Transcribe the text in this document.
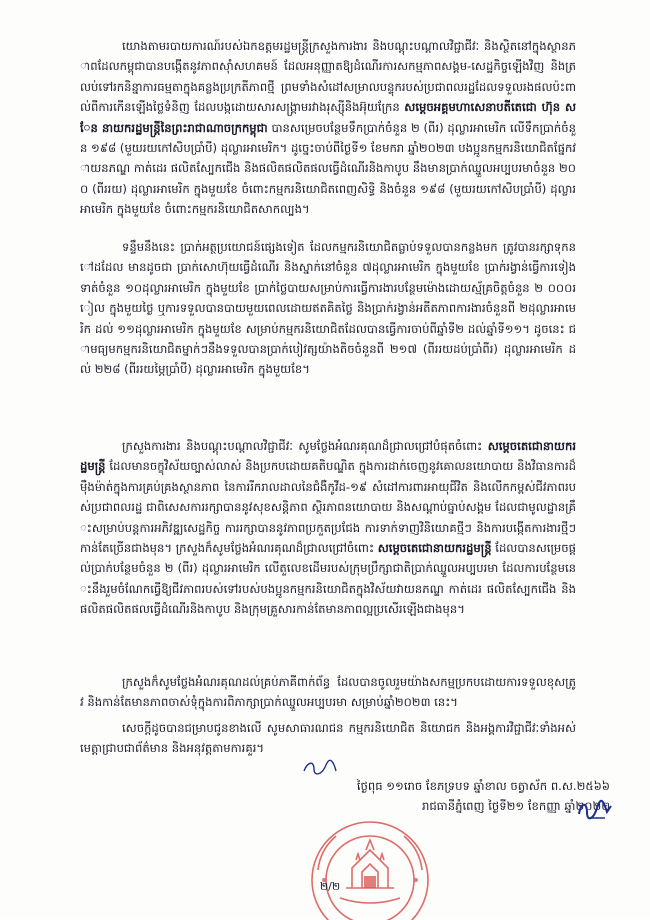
យោងតាមរបាយការណ៍របស់ឯកឧត្តមរដ្ឋមន្ត្រីក្រសួងការងារ និងបណ្តុះបណ្តាលវិជ្ជាជីវៈ និងស្ថិតនៅក្នុងស្ថានភាពដែលកម្ពុជាបានបង្កើតនូវភាពស៊ាំសហគមន៍ ដែលអនុញ្ញាតឱ្យដំណើរការសកម្មភាពសង្គម-សេដ្ឋកិច្ចឡើងវិញ និងត្រលប់ទៅរកនិន្នាការធម្មតាក្នុងគន្លងប្រក្រតីភាពថ្មី ព្រមទាំងសំដៅសម្រាលបន្ទុករបស់ប្រជាពលរដ្ឋដែលទទួលរងផលប៉ះពាល់ពីការកើនឡើងថ្លៃទំនិញ ដែលបង្កដោយសារសង្គ្រាមរវាងរុស្ស៊ីនិងអ៊ុយក្រែន សម្តេចអគ្គមហាសេនាបតីតេជោ ហ៊ុន សែន នាយករដ្ឋមន្ត្រីនៃព្រះរាជាណាចក្រកម្ពុជា បានសម្រេចបន្ថែមទឹកប្រាក់ចំនួន ២ (ពីរ) ដុល្លារអាមេរិក លើទឹកប្រាក់ចំនួន ១៩៨ (មួយរយកៅសិបប្រាំបី) ដុល្លារអាមេរិក។ ដូច្នេះចាប់ពីថ្ងៃទី១ ខែមករា ឆ្នាំ២០២៣ បងប្អូនកម្មករនិយោជិតផ្នែកវាយនភណ្ឌ កាត់ដេរ ផលិតស្បែកជើង និងផលិតផលិតផលធ្វើដំណើរនិងកាបូប នឹងមានប្រាក់ឈ្នួលអប្បបរមាចំនួន ២០០ (ពីររយ) ដុល្លារអាមេរិក ក្នុងមួយខែ ចំពោះកម្មករនិយោជិតពេញសិទ្ធិ និងចំនួន ១៩៨ (មួយរយកៅសិបប្រាំបី) ដុល្លារអាមេរិក ក្នុងមួយខែ ចំពោះកម្មករនិយោជិតសាកល្បង។

ទន្ទឹមនឹងនេះ ប្រាក់អត្ថប្រយោជន៍ផ្សេងទៀត ដែលកម្មករនិយោជិតធ្លាប់ទទួលបានកន្លងមក ត្រូវបានរក្សាទុកនៅដដែល មានដូចជា ប្រាក់សោហ៊ុយធ្វើដំណើរ និងស្នាក់នៅចំនួន ៧ដុល្លារអាមេរិក ក្នុងមួយខែ ប្រាក់រង្វាន់ធ្វើការទៀងទាត់ចំនួន ១០ដុល្លារអាមេរិក ក្នុងមួយខែ ប្រាក់ថ្លៃបាយសម្រាប់ការធ្វើការងារបន្ថែមម៉ោងដោយស្ម័គ្រចិត្តចំនួន ២ ០០០រៀល ក្នុងមួយថ្ងៃ ឬការទទួលបានបាយមួយពេលដោយឥតគិតថ្លៃ និងប្រាក់រង្វាន់អតីតភាពការងារចំនួនពី ២ដុល្លារអាមេរិក ដល់ ១១ដុល្លារអាមេរិក ក្នុងមួយខែ សម្រាប់កម្មករនិយោជិតដែលបានធ្វើការចាប់ពីឆ្នាំទី២ ដល់ឆ្នាំទី១១។ ដូចនេះ ជាមធ្យមកម្មករនិយោជិតម្នាក់ៗនឹងទទួលបានប្រាក់បៀវត្សយ៉ាងតិចចំនួនពី ២១៧ (ពីររយដប់ប្រាំពីរ) ដុល្លារអាមេរិក ដល់ ២២៨ (ពីររយម្ភៃប្រាំបី) ដុល្លារអាមេរិក ក្នុងមួយខែ។

ក្រសួងការងារ និងបណ្តុះបណ្តាលវិជ្ជាជីវៈ សូមថ្លែងអំណរគុណដ៏ជ្រាលជ្រៅបំផុតចំពោះ សម្តេចតេជោនាយករដ្ឋមន្ត្រី ដែលមានចក្ខុវិស័យច្បាស់លាស់ និងប្រកបដោយគតិបណ្ឌិត ក្នុងការដាក់ចេញនូវគោលនយោបាយ និងវិធានការដ៏ម៉ឺងម៉ាត់ក្នុងការគ្រប់គ្រងស្ថានភាព នៃការរីករាលដាលនៃជំងឺកូវីដ-១៩ សំដៅការពារអាយុជីវិត និងលើកកម្ពស់ជីវភាពរបស់ប្រជាពលរដ្ឋ ជាពិសេសការរក្សាបាននូវសុខសន្តិភាព ស្ថិរភាពនយោបាយ និងសណ្តាប់ធ្នាប់សង្គម ដែលជាមូលដ្ឋានគ្រឹះសម្រាប់បន្តការអភិវឌ្ឍសេដ្ឋកិច្ច ការរក្សាបាននូវភាពប្រកួតប្រជែង ការទាក់ទាញវិនិយោគថ្មីៗ និងការបង្កើតការងារថ្មីៗកាន់តែច្រើនជាងមុន។ ក្រសួងក៏សូមថ្លែងអំណរគុណដ៏ជ្រាលជ្រៅចំពោះ សម្តេចតេជោនាយករដ្ឋមន្ត្រី ដែលបានសម្រេចផ្តល់ប្រាក់បន្ថែមចំនួន ២ (ពីរ) ដុល្លារអាមេរិក លើតួលេខដើមរបស់ក្រុមប្រឹក្សាជាតិប្រាក់ឈ្នួលអប្បបរមា ដែលការបន្ថែមនេះនឹងរួមចំណែកធ្វើឱ្យជីវភាពរបស់ទៅរបស់បងប្អូនកម្មករនិយោជិតក្នុងវិស័យវាយនភណ្ឌ កាត់ដេរ ផលិតស្បែកជើង និងផលិតផលិតផលធ្វើដំណើរនិងកាបូប និងក្រុមគ្រួសារកាន់តែមានភាពល្អប្រសើរឡើងជាងមុន។

ក្រសួងក៏សូមថ្លែងអំណរគុណដល់គ្រប់ភាគីពាក់ព័ន្ធ ដែលបានចូលរួមយ៉ាងសកម្មប្រកបដោយការទទួលខុសត្រូវ និងកាន់តែមានភាពចាស់ទុំក្នុងការពិភាក្សាប្រាក់ឈ្នួលអប្បបរមា សម្រាប់ឆ្នាំ២០២៣ នេះ។

សេចក្តីដូចបានជម្រាបជូនខាងលើ សូមសាធារណជន កម្មករនិយោជិត និយោជក និងអង្គការវិជ្ជាជីវៈទាំងអស់ មេត្តាជ្រាបជាព័ត៌មាន និងអនុវត្តតាមការគួរ។

ថ្ងៃពុធ ១១រោច ខែភទ្របទ ឆ្នាំខាល ចត្វាស័ក ព.ស.២៥៦៦
រាជធានីភ្នំពេញ ថ្ងៃទី២១ ខែកញ្ញា ឆ្នាំ២០២២
២/២
